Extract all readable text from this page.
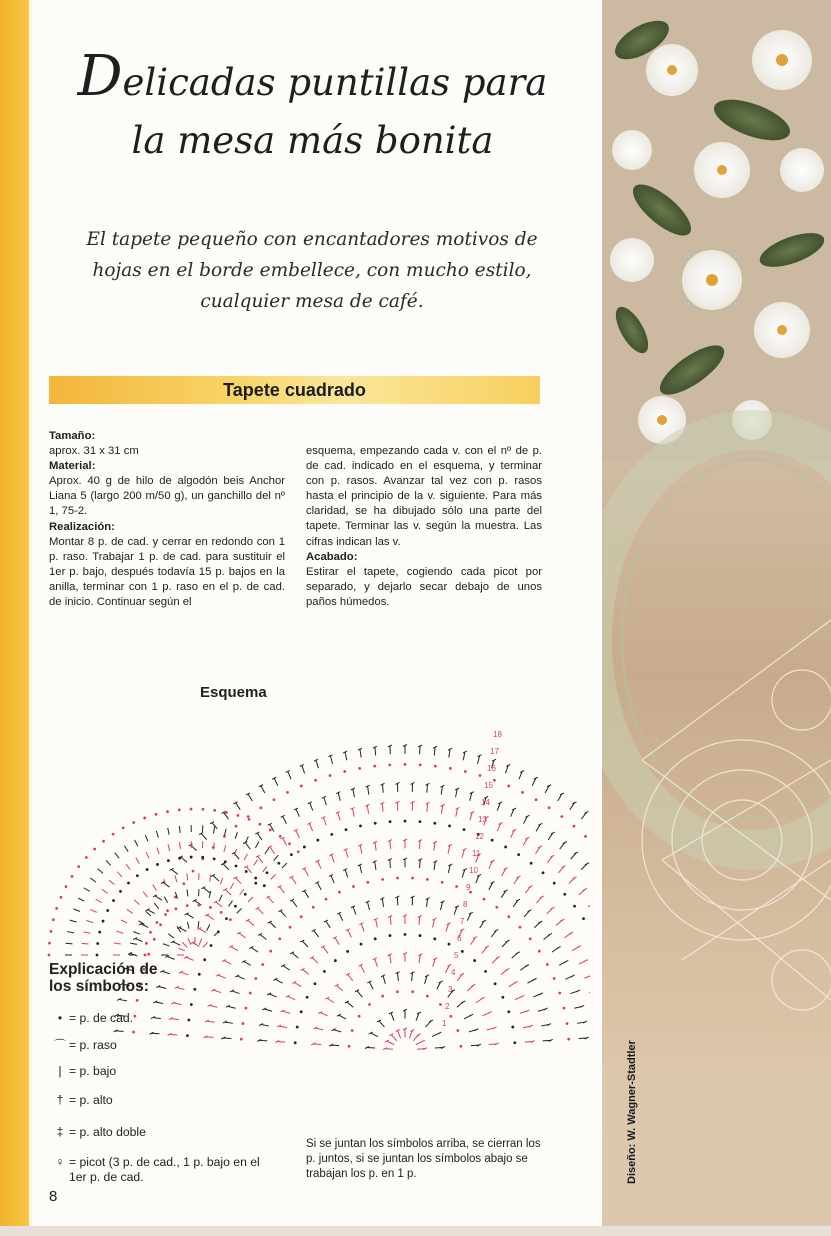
Diseño: W. Wagner-Stadtler
Delicadas puntillas para
la mesa más bonita
El tapete pequeño con encantadores motivos de
hojas en el borde embellece, con mucho estilo,
cualquier mesa de café.
Tapete cuadrado
Tamaño:

aprox. 31 x 31 cm

Material:

Aprox. 40 g de hilo de algodón beis Anchor Liana 5 (largo 200 m/50 g), un ganchillo del nº 1, 75-2.

Realización:

Montar 8 p. de cad. y cerrar en redondo con 1 p. raso. Trabajar 1 p. de cad. para sustituir el 1er p. bajo, después todavía 15 p. bajos en la anilla, terminar con 1 p. raso en el p. de cad. de inicio. Continuar según el

esquema, empezando cada v. con el nº de p. de cad. indicado en el esquema, y terminar con p. rasos. Avanzar tal vez con p. rasos hasta el principio de la v. siguiente. Para más claridad, se ha dibujado sólo una parte del tapete. Terminar las v. según la muestra. Las cifras indican las v.

Acabado:

Estirar el tapete, cogiendo cada picot por separado, y dejarlo secar debajo de unos paños húmedos.

Esquema
18
17
16
15
14
13
12
11
10
9
8
7
6
5
4
3
2
1
Explicación de
los símbolos:
• = p. de cad.
⌒ = p. raso
| = p. bajo
† = p. alto
‡ = p. alto doble
♀ = picot (3 p. de cad., 1 p. bajo en el
1er p. de cad.
Si se juntan los símbolos arriba, se cierran los p. juntos, si se juntan los símbolos abajo se trabajan los p. en 1 p.
8
